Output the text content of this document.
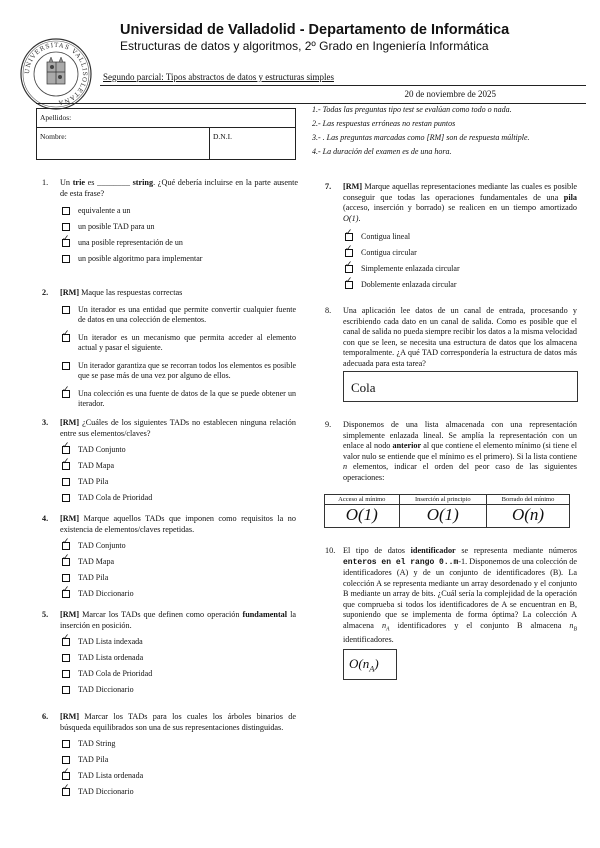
Universidad de Valladolid - Departamento de Informática
Estructuras de datos y algoritmos, 2º Grado en Ingeniería Informática
UNIVERSITAS VALLISOLETANA
Segundo parcial: Tipos abstractos de datos y estructuras simples
20 de noviembre de 2025
Apellidos:
Nombre:	D.N.I.
1.- Todas las preguntas tipo test se evalúan como todo o nada.
2.- Las respuestas erróneas no restan puntos
3.- . Las preguntas marcadas como [RM] son de respuesta múltiple.
4.- La duración del examen es de una hora.
1. Un trie es ________ string. ¿Qué debería incluirse en la parte ausente de esta frase?
equivalente a un
un posible TAD para un
✓ una posible representación de un
un posible algoritmo para implementar
2. [RM] Maque las respuestas correctas
Un iterador es una entidad que permite convertir cualquier fuente de datos en una colección de elementos.
✓ Un iterador es un mecanismo que permita acceder al elemento actual y pasar el siguiente.
Un iterador garantiza que se recorran todos los elementos es posible que se pase más de una vez por alguno de ellos.
✓ Una colección es una fuente de datos de la que se puede obtener un iterador.
3. [RM] ¿Cuáles de los siguientes TADs no establecen ninguna relación entre sus elementos/claves?
✓ TAD Conjunto
✓ TAD Mapa
TAD Pila
TAD Cola de Prioridad
4. [RM] Marque aquellos TADs que imponen como requisitos la no existencia de elementos/claves repetidas.
✓ TAD Conjunto
✓ TAD Mapa
TAD Pila
✓ TAD Diccionario
5. [RM] Marcar los TADs que definen como operación fundamental la inserción en posición.
✓ TAD Lista indexada
TAD Lista ordenada
TAD Cola de Prioridad
TAD Diccionario
6. [RM] Marcar los TADs para los cuales los árboles binarios de búsqueda equilibrados son una de sus representaciones distinguidas.
TAD String
TAD Pila
✓ TAD Lista ordenada
✓ TAD Diccionario
7. [RM] Marque aquellas representaciones mediante las cuales es posible conseguir que todas las operaciones fundamentales de una pila (acceso, inserción y borrado) se realicen en un tiempo amortizado O(1).
✓ Contigua lineal
✓ Contigua circular
✓ Simplemente enlazada circular
✓ Doblemente enlazada circular
8. Una aplicación lee datos de un canal de entrada, procesando y escribiendo cada dato en un canal de salida. Como es posible que el canal de salida no pueda siempre recibir los datos a la misma velocidad con que se leen, se necesita una estructura de datos que los almacena temporalmente. ¿A qué TAD correspondería la estructura de datos más adecuada para esta tarea?
Cola
9. Disponemos de una lista almacenada con una representación simplemente enlazada lineal. Se amplía la representación con un enlace al nodo anterior al que contiene el elemento mínimo (si tiene el valor nulo se entiende que el mínimo es el primero). Si la lista contiene n elementos, indicar el orden del peor caso de las siguientes operaciones:
Acceso al mínimo	Inserción al principio	Borrado del mínimo
O(1)	O(1)	O(n)
10. El tipo de datos identificador se representa mediante números enteros en el rango 0..m-1. Disponemos de una colección de identificadores (A) y de un conjunto de identificadores (B). La colección A se representa mediante un array desordenado y el conjunto B mediante un array de bits. ¿Cuál sería la complejidad de la operación que comprueba si todos los identificadores de A se encuentran en B, suponiendo que se implementa de forma óptima? La colección A almacena $n_A$ identificadores y el conjunto B almacena $n_B$ identificadores.
$O(n_A)$
